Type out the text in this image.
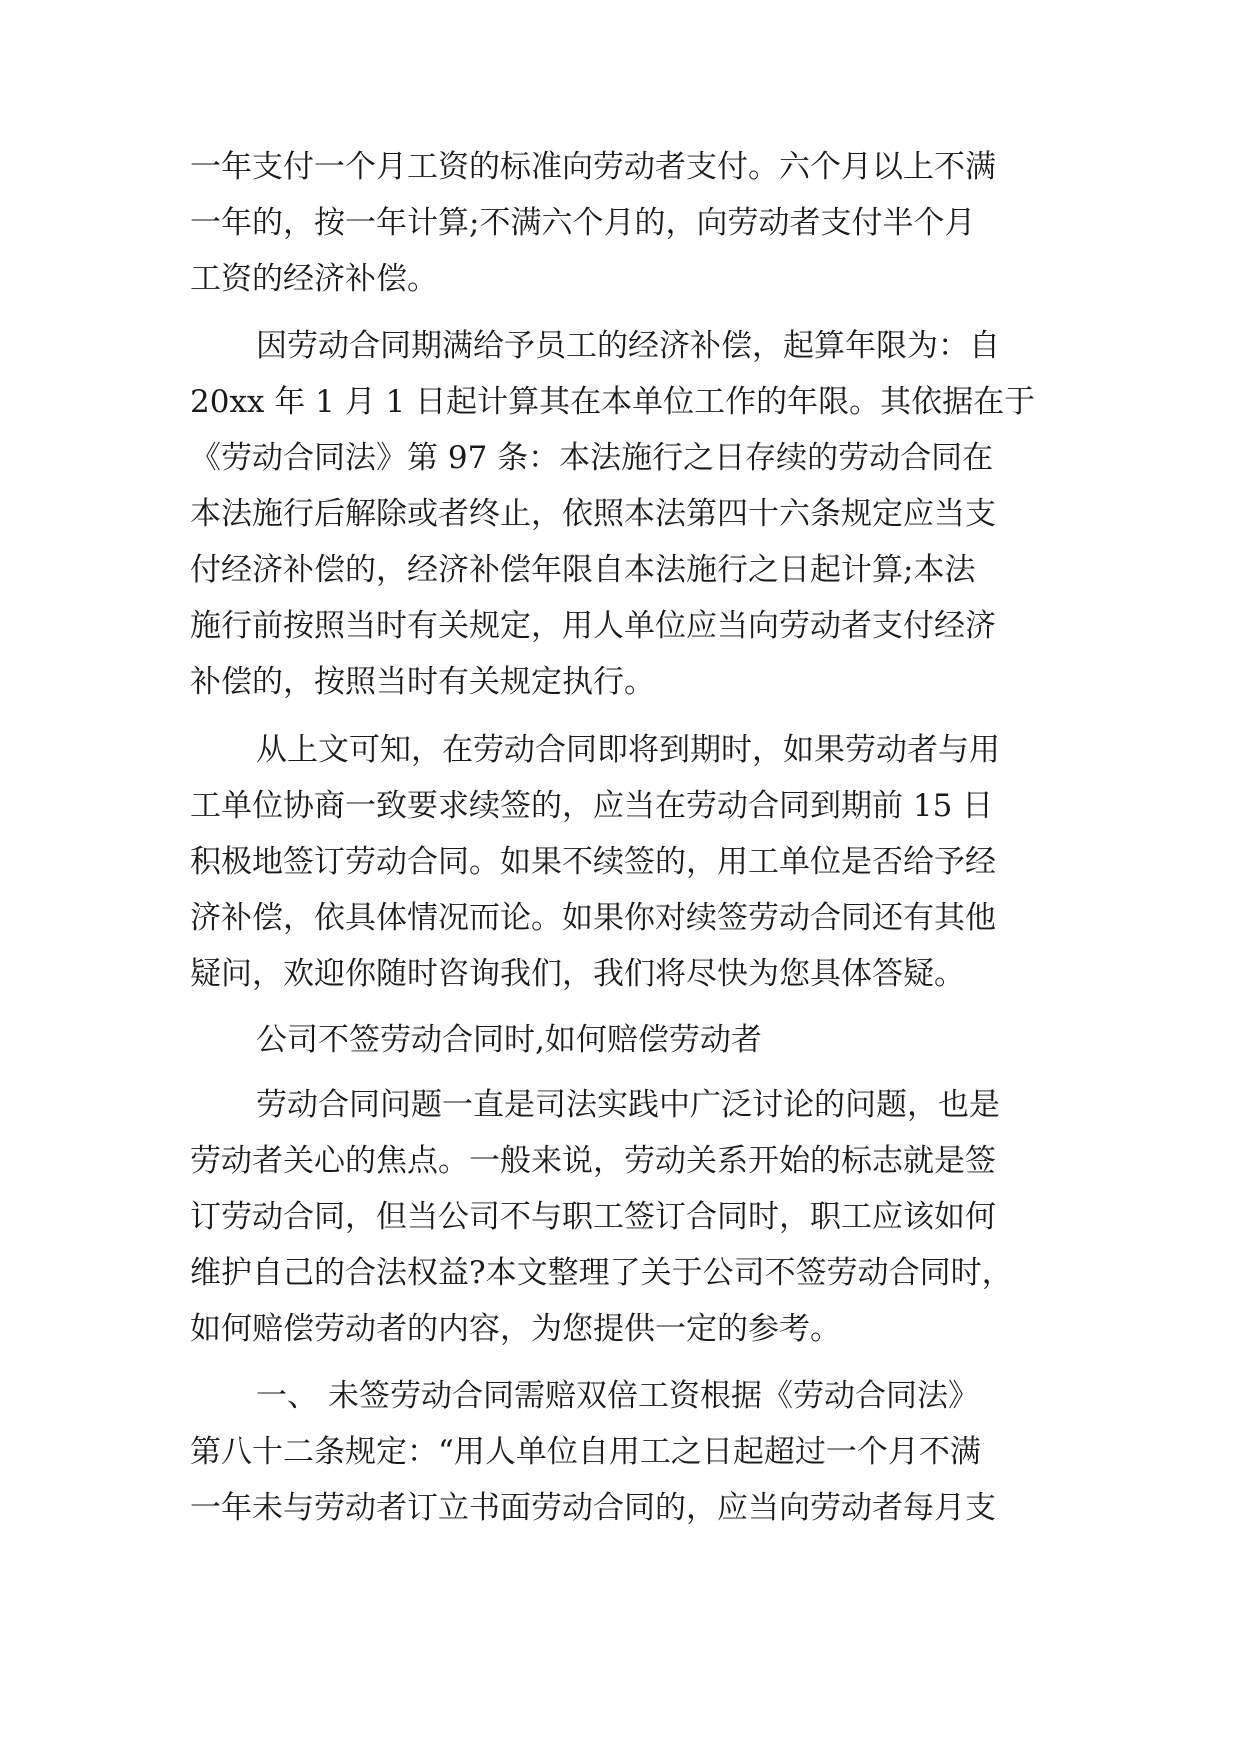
一年支付一个月工资的标准向劳动者支付。六个月以上不满
一年的，按一年计算;不满六个月的，向劳动者支付半个月
工资的经济补偿。
因劳动合同期满给予员工的经济补偿，起算年限为：自
20xx 年 1 月 1 日起计算其在本单位工作的年限。其依据在于
《劳动合同法》第 97 条：本法施行之日存续的劳动合同在
本法施行后解除或者终止，依照本法第四十六条规定应当支
付经济补偿的，经济补偿年限自本法施行之日起计算;本法
施行前按照当时有关规定，用人单位应当向劳动者支付经济
补偿的，按照当时有关规定执行。
从上文可知，在劳动合同即将到期时，如果劳动者与用
工单位协商一致要求续签的，应当在劳动合同到期前 15 日
积极地签订劳动合同。如果不续签的，用工单位是否给予经
济补偿，依具体情况而论。如果你对续签劳动合同还有其他
疑问，欢迎你随时咨询我们，我们将尽快为您具体答疑。
公司不签劳动合同时,如何赔偿劳动者
劳动合同问题一直是司法实践中广泛讨论的问题，也是
劳动者关心的焦点。一般来说，劳动关系开始的标志就是签
订劳动合同，但当公司不与职工签订合同时，职工应该如何
维护自己的合法权益?本文整理了关于公司不签劳动合同时，
如何赔偿劳动者的内容，为您提供一定的参考。
一、 未签劳动合同需赔双倍工资根据《劳动合同法》
第八十二条规定：“用人单位自用工之日起超过一个月不满
一年未与劳动者订立书面劳动合同的，应当向劳动者每月支
